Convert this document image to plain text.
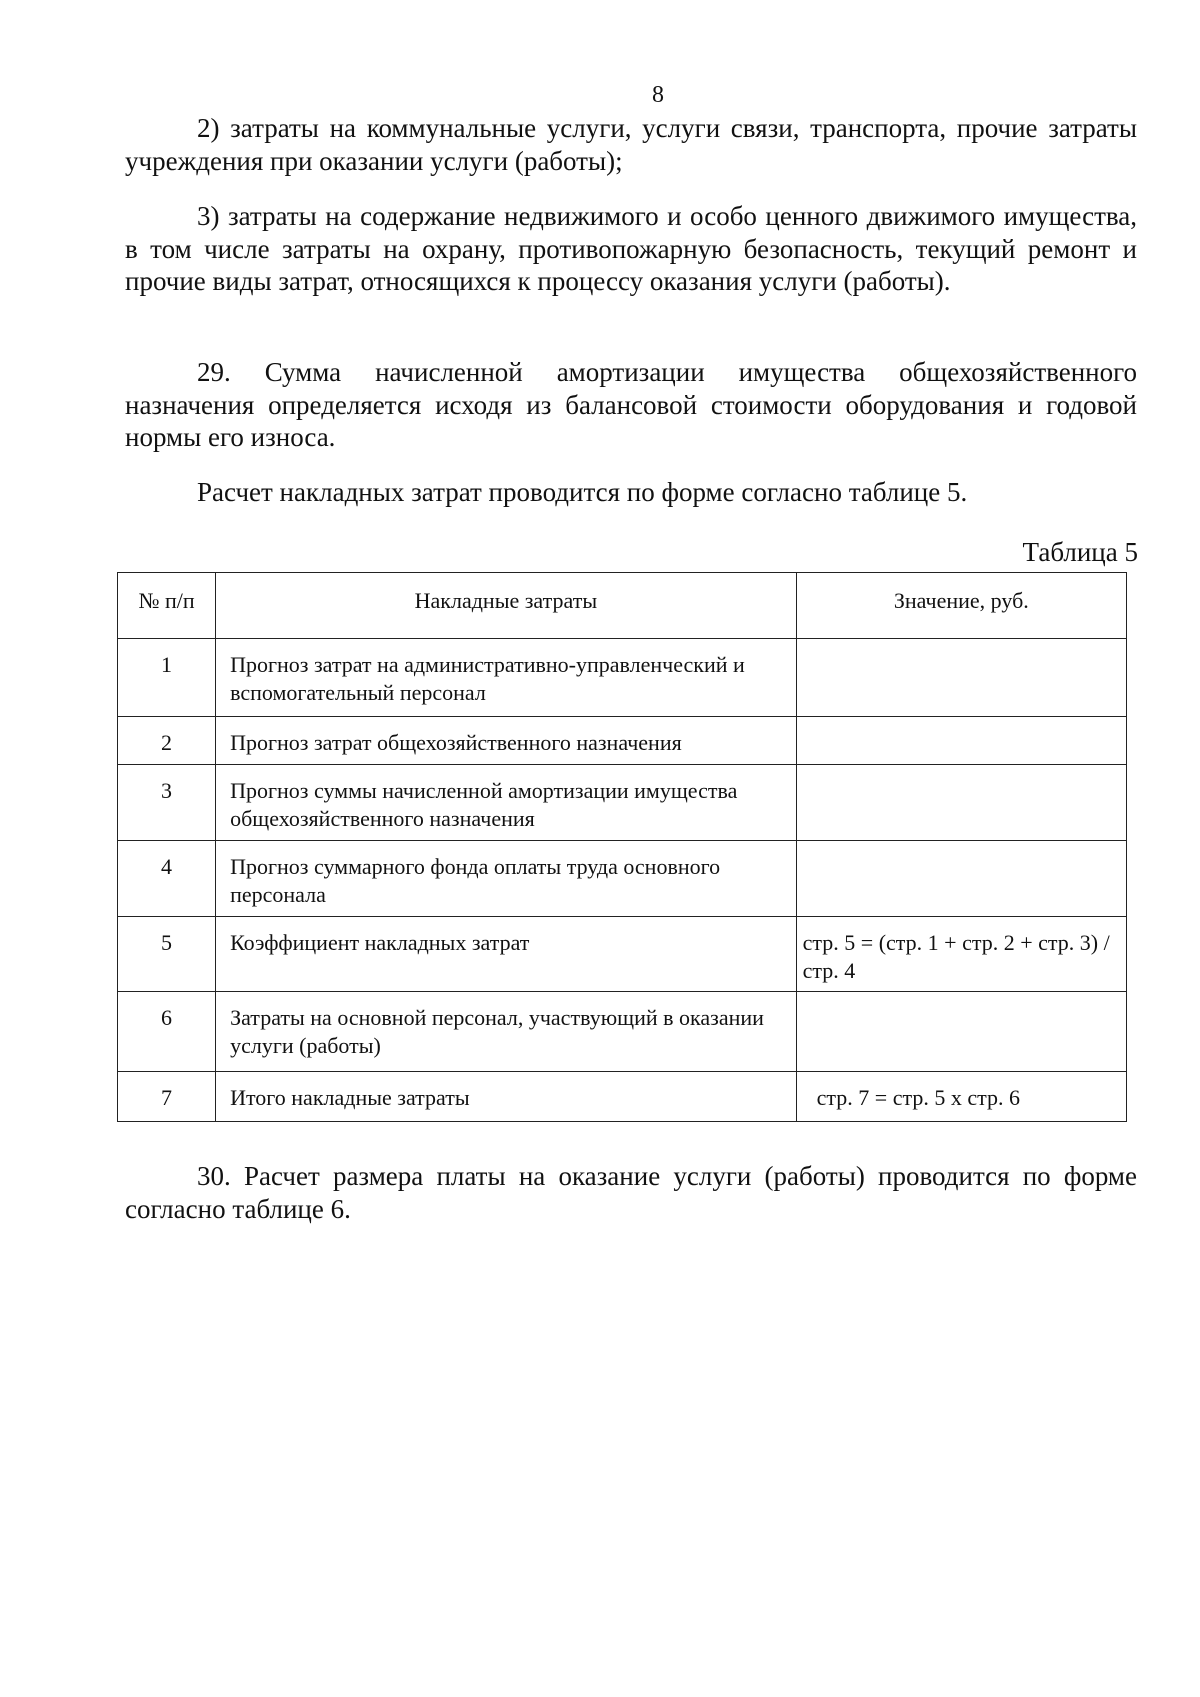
8

2) затраты на коммунальные услуги, услуги связи, транспорта, прочие затраты учреждения при оказании услуги (работы);

3) затраты на содержание недвижимого и особо ценного движимого имущества, в том числе затраты на охрану, противопожарную безопасность, текущий ремонт и прочие виды затрат, относящихся к процессу оказания услуги (работы).

29. Сумма начисленной амортизации имущества общехозяйственного назначения определяется исходя из балансовой стоимости оборудования и годовой нормы его износа.

Расчет накладных затрат проводится по форме согласно таблице 5.

Таблица 5
№ п/п	Накладные затраты	Значение, руб.
1	Прогноз затрат на административно-управленческий и вспомогательный персонал	
2	Прогноз затрат общехозяйственного назначения	
3	Прогноз суммы начисленной амортизации имущества общехозяйственного назначения	
4	Прогноз суммарного фонда оплаты труда основного персонала	
5	Коэффициент накладных затрат	стр. 5 = (стр. 1 + стр. 2 + стр. 3) / стр. 4
6	Затраты на основной персонал, участвующий в оказании услуги (работы)	
7	Итого накладные затраты	стр. 7 = стр. 5 х стр. 6

30. Расчет размера платы на оказание услуги (работы) проводится по форме согласно таблице 6.
